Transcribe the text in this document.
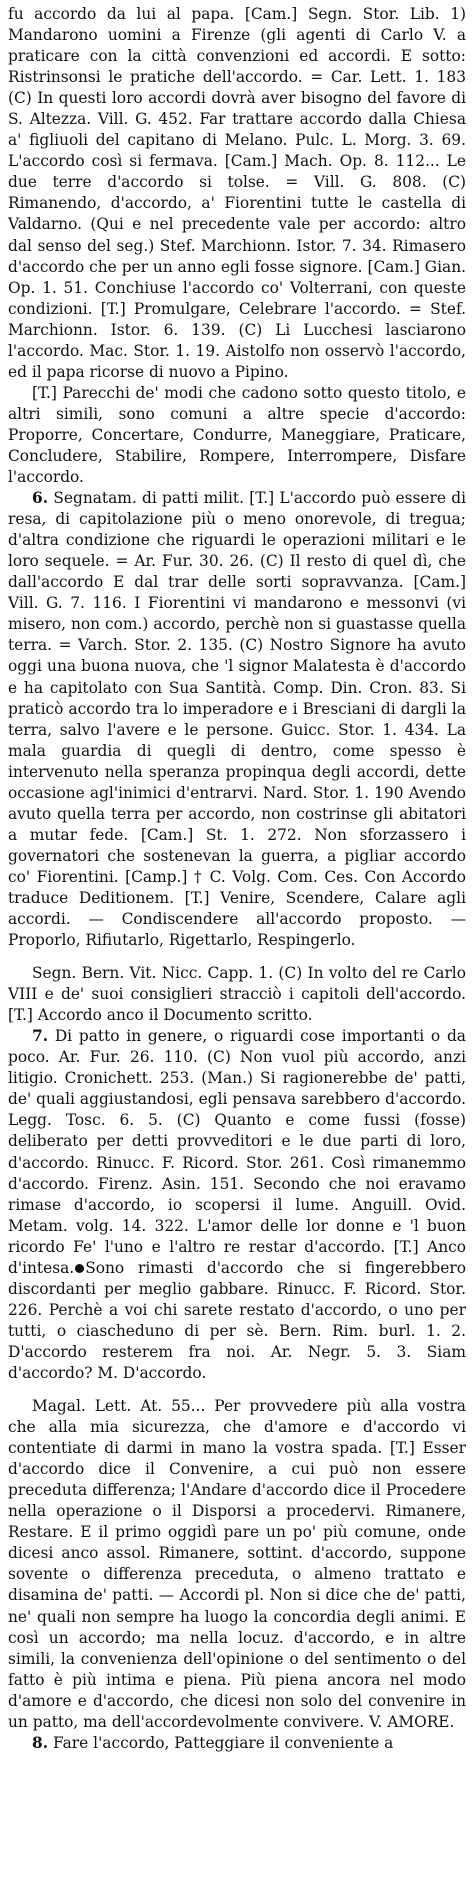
fu accordo da lui al papa. [Cam.] Segn. Stor. Lib. 1) Mandarono uomini a Firenze (gli agenti di Carlo V. a praticare con la città convenzioni ed accordi. E sotto: Ristrinsonsi le pratiche dell'accordo. = Car. Lett. 1. 183 (C) In questi loro accordi dovrà aver bisogno del favore di S. Altezza. Vill. G. 452. Far trattare accordo dalla Chiesa a' figliuoli del capitano di Melano. Pulc. L. Morg. 3. 69. L'accordo così si fermava. [Cam.] Mach. Op. 8. 112... Le due terre d'accordo si tolse. = Vill. G. 808. (C) Rimanendo, d'accordo, a' Fiorentini tutte le castella di Valdarno. (Qui e nel precedente vale per accordo: altro dal senso del seg.) Stef. Marchionn. Istor. 7. 34. Rimasero d'accordo che per un anno egli fosse signore. [Cam.] Gian. Op. 1. 51. Conchiuse l'accordo co' Volterrani, con queste condizioni. [T.] Promulgare, Celebrare l'accordo. = Stef. Marchionn. Istor. 6. 139. (C) Li Lucchesi lasciarono l'accordo. Mac. Stor. 1. 19. Aistolfo non osservò l'accordo, ed il papa ricorse di nuovo a Pipino.

[T.] Parecchi de' modi che cadono sotto questo titolo, e altri simili, sono comuni a altre specie d'accordo: Proporre, Concertare, Condurre, Maneggiare, Praticare, Concludere, Stabilire, Rompere, Interrompere, Disfare l'accordo.

6. Segnatam. di patti milit. [T.] L'accordo può essere di resa, di capitolazione più o meno onorevole, di tregua; d'altra condizione che riguardi le operazioni militari e le loro sequele. = Ar. Fur. 30. 26. (C) Il resto di quel dì, che dall'accordo E dal trar delle sorti sopravvanza. [Cam.] Vill. G. 7. 116. I Fiorentini vi mandarono e messonvi (vi misero, non com.) accordo, perchè non si guastasse quella terra. = Varch. Stor. 2. 135. (C) Nostro Signore ha avuto oggi una buona nuova, che 'l signor Malatesta è d'accordo e ha capitolato con Sua Santità. Comp. Din. Cron. 83. Si praticò accordo tra lo imperadore e i Bresciani di dargli la terra, salvo l'avere e le persone. Guicc. Stor. 1. 434. La mala guardia di quegli di dentro, come spesso è intervenuto nella speranza propinqua degli accordi, dette occasione agl'inimici d'entrarvi. Nard. Stor. 1. 190 Avendo avuto quella terra per accordo, non costrinse gli abitatori a mutar fede. [Cam.] St. 1. 272. Non sforzassero i governatori che sostenevan la guerra, a pigliar accordo co' Fiorentini. [Camp.] † C. Volg. Com. Ces. Con Accordo traduce Deditionem. [T.] Venire, Scendere, Calare agli accordi. — Condiscendere all'accordo proposto. — Proporlo, Rifiutarlo, Rigettarlo, Respingerlo.

Segn. Bern. Vit. Nicc. Capp. 1. (C) In volto del re Carlo VIII e de' suoi consiglieri stracciò i capitoli dell'accordo. [T.] Accordo anco il Documento scritto.

7. Di patto in genere, o riguardi cose importanti o da poco. Ar. Fur. 26. 110. (C) Non vuol più accordo, anzi litigio. Cronichett. 253. (Man.) Si ragionerebbe de' patti, de' quali aggiustandosi, egli pensava sarebbero d'accordo. Legg. Tosc. 6. 5. (C) Quanto e come fussi (fosse) deliberato per detti provveditori e le due parti di loro, d'accordo. Rinucc. F. Ricord. Stor. 261. Così rimanemmo d'accordo. Firenz. Asin. 151. Secondo che noi eravamo rimase d'accordo, io scopersi il lume. Anguill. Ovid. Metam. volg. 14. 322. L'amor delle lor donne e 'l buon ricordo Fe' l'uno e l'altro re restar d'accordo. [T.] Anco d'intesa. Sono rimasti d'accordo che si fingerebbero discordanti per meglio gabbare. Rinucc. F. Ricord. Stor. 226. Perchè a voi chi sarete restato d'accordo, o uno per tutti, o ciascheduno di per sè. Bern. Rim. burl. 1. 2. D'accordo resterem fra noi. Ar. Negr. 5. 3. Siam d'accordo? M. D'accordo.

Magal. Lett. At. 55... Per provvedere più alla vostra che alla mia sicurezza, che d'amore e d'accordo vi contentiate di darmi in mano la vostra spada. [T.] Esser d'accordo dice il Convenire, a cui può non essere preceduta differenza; l'Andare d'accordo dice il Procedere nella operazione o il Disporsi a procedervi. Rimanere, Restare. E il primo oggidì pare un po' più comune, onde dicesi anco assol. Rimanere, sottint. d'accordo, suppone sovente o differenza preceduta, o almeno trattato e disamina de' patti. — Accordi pl. Non si dice che de' patti, ne' quali non sempre ha luogo la concordia degli animi. E così un accordo; ma nella locuz. d'accordo, e in altre simili, la convenienza dell'opinione o del sentimento o del fatto è più intima e piena. Più piena ancora nel modo d'amore e d'accordo, che dicesi non solo del convenire in un patto, ma dell'accordevolmente convivere. V. AMORE.

8. Fare l'accordo, Patteggiare il conveniente a
